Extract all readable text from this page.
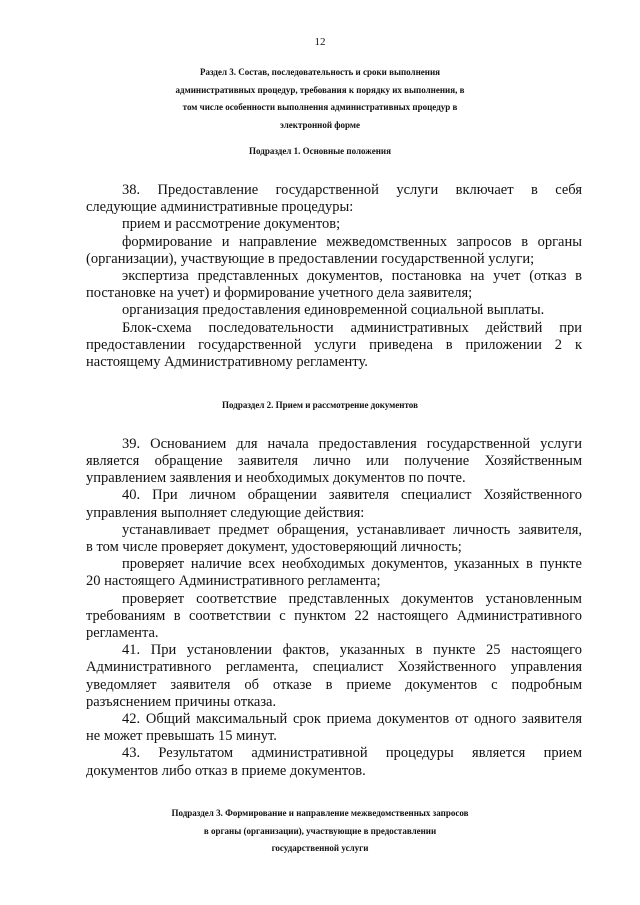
12
Раздел 3. Состав, последовательность и сроки выполнения
административных процедур, требования к порядку их выполнения, в
том числе особенности выполнения административных процедур в
электронной форме
Подраздел 1. Основные положения
38. Предоставление государственной услуги включает в себя
следующие административные процедуры:
прием и рассмотрение документов;
формирование и направление межведомственных запросов в органы
(организации), участвующие в предоставлении государственной услуги;
экспертиза представленных документов, постановка на учет (отказ в
постановке на учет) и формирование учетного дела заявителя;
организация предоставления единовременной социальной выплаты.
Блок-схема последовательности административных действий при
предоставлении государственной услуги приведена в приложении 2 к
настоящему Административному регламенту.
Подраздел 2. Прием и рассмотрение документов
39. Основанием для начала предоставления государственной услуги
является обращение заявителя лично или получение Хозяйственным
управлением заявления и необходимых документов по почте.
40. При личном обращении заявителя специалист Хозяйственного
управления выполняет следующие действия:
устанавливает предмет обращения, устанавливает личность заявителя,
в том числе проверяет документ, удостоверяющий личность;
проверяет наличие всех необходимых документов, указанных в пункте
20 настоящего Административного регламента;
проверяет соответствие представленных документов установленным
требованиям в соответствии с пунктом 22 настоящего Административного
регламента.
41. При установлении фактов, указанных в пункте 25 настоящего
Административного регламента, специалист Хозяйственного управления
уведомляет заявителя об отказе в приеме документов с подробным
разъяснением причины отказа.
42. Общий максимальный срок приема документов от одного заявителя
не может превышать 15 минут.
43. Результатом административной процедуры является прием
документов либо отказ в приеме документов.
Подраздел 3. Формирование и направление межведомственных запросов
в органы (организации), участвующие в предоставлении
государственной услуги
